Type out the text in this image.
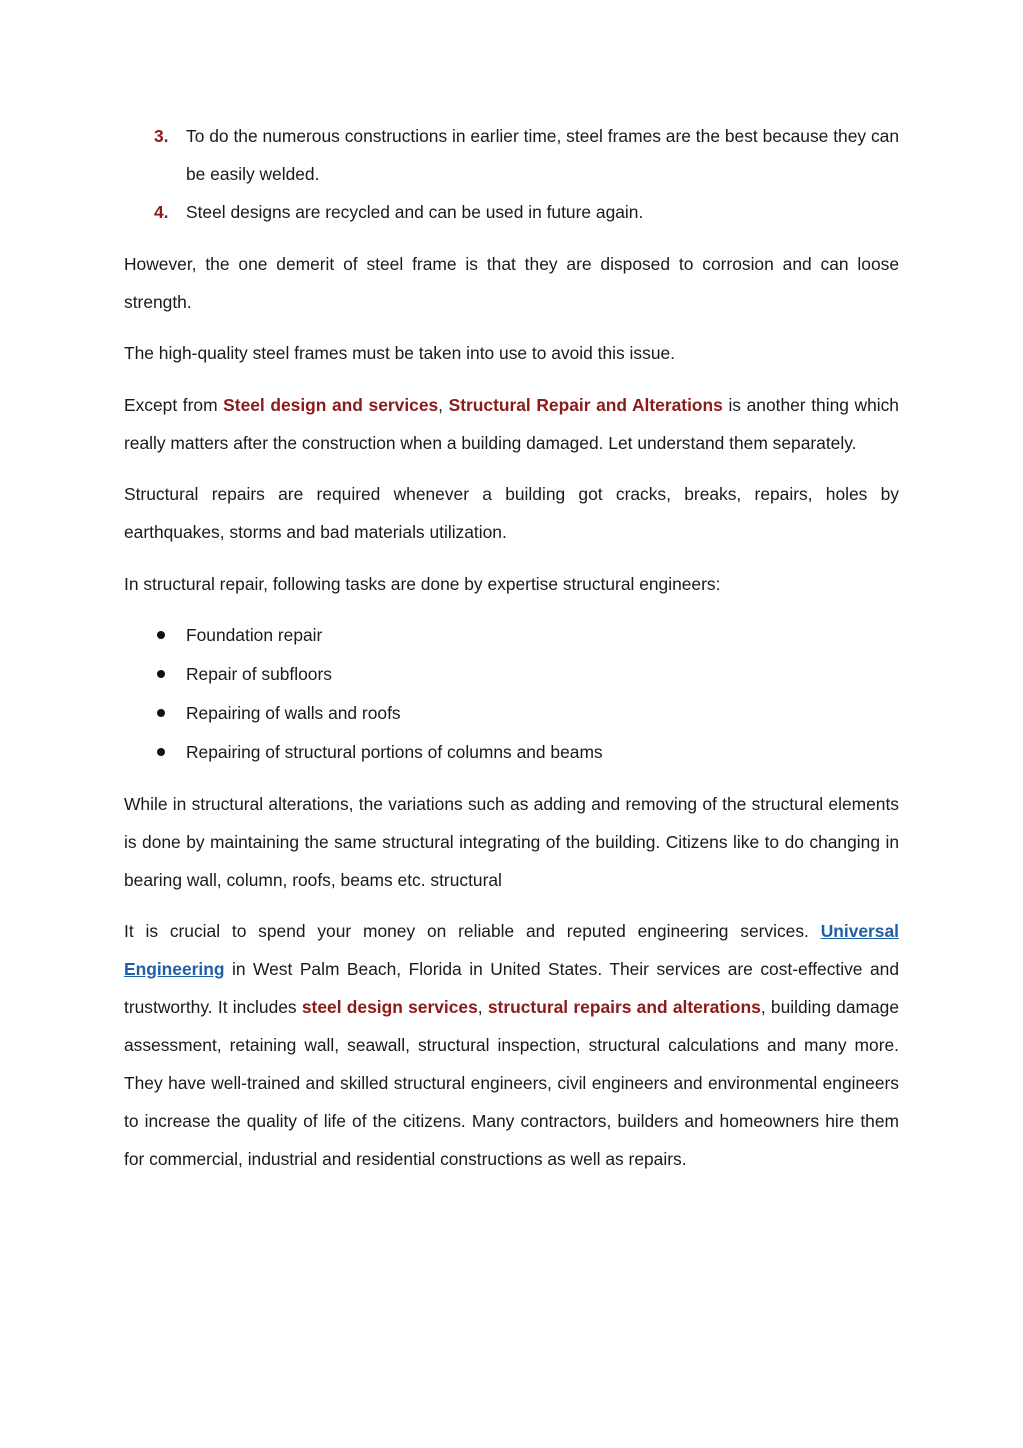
3. To do the numerous constructions in earlier time, steel frames are the best because they can be easily welded.
4. Steel designs are recycled and can be used in future again.

However, the one demerit of steel frame is that they are disposed to corrosion and can loose strength.

The high-quality steel frames must be taken into use to avoid this issue.

Except from Steel design and services, Structural Repair and Alterations is another thing which really matters after the construction when a building damaged. Let understand them separately.

Structural repairs are required whenever a building got cracks, breaks, repairs, holes by earthquakes, storms and bad materials utilization.

In structural repair, following tasks are done by expertise structural engineers:

Foundation repair
Repair of subfloors
Repairing of walls and roofs
Repairing of structural portions of columns and beams

While in structural alterations, the variations such as adding and removing of the structural elements is done by maintaining the same structural integrating of the building. Citizens like to do changing in bearing wall, column, roofs, beams etc. structural

It is crucial to spend your money on reliable and reputed engineering services. Universal Engineering in West Palm Beach, Florida in United States. Their services are cost-effective and trustworthy. It includes steel design services, structural repairs and alterations, building damage assessment, retaining wall, seawall, structural inspection, structural calculations and many more. They have well-trained and skilled structural engineers, civil engineers and environmental engineers to increase the quality of life of the citizens. Many contractors, builders and homeowners hire them for commercial, industrial and residential constructions as well as repairs.
